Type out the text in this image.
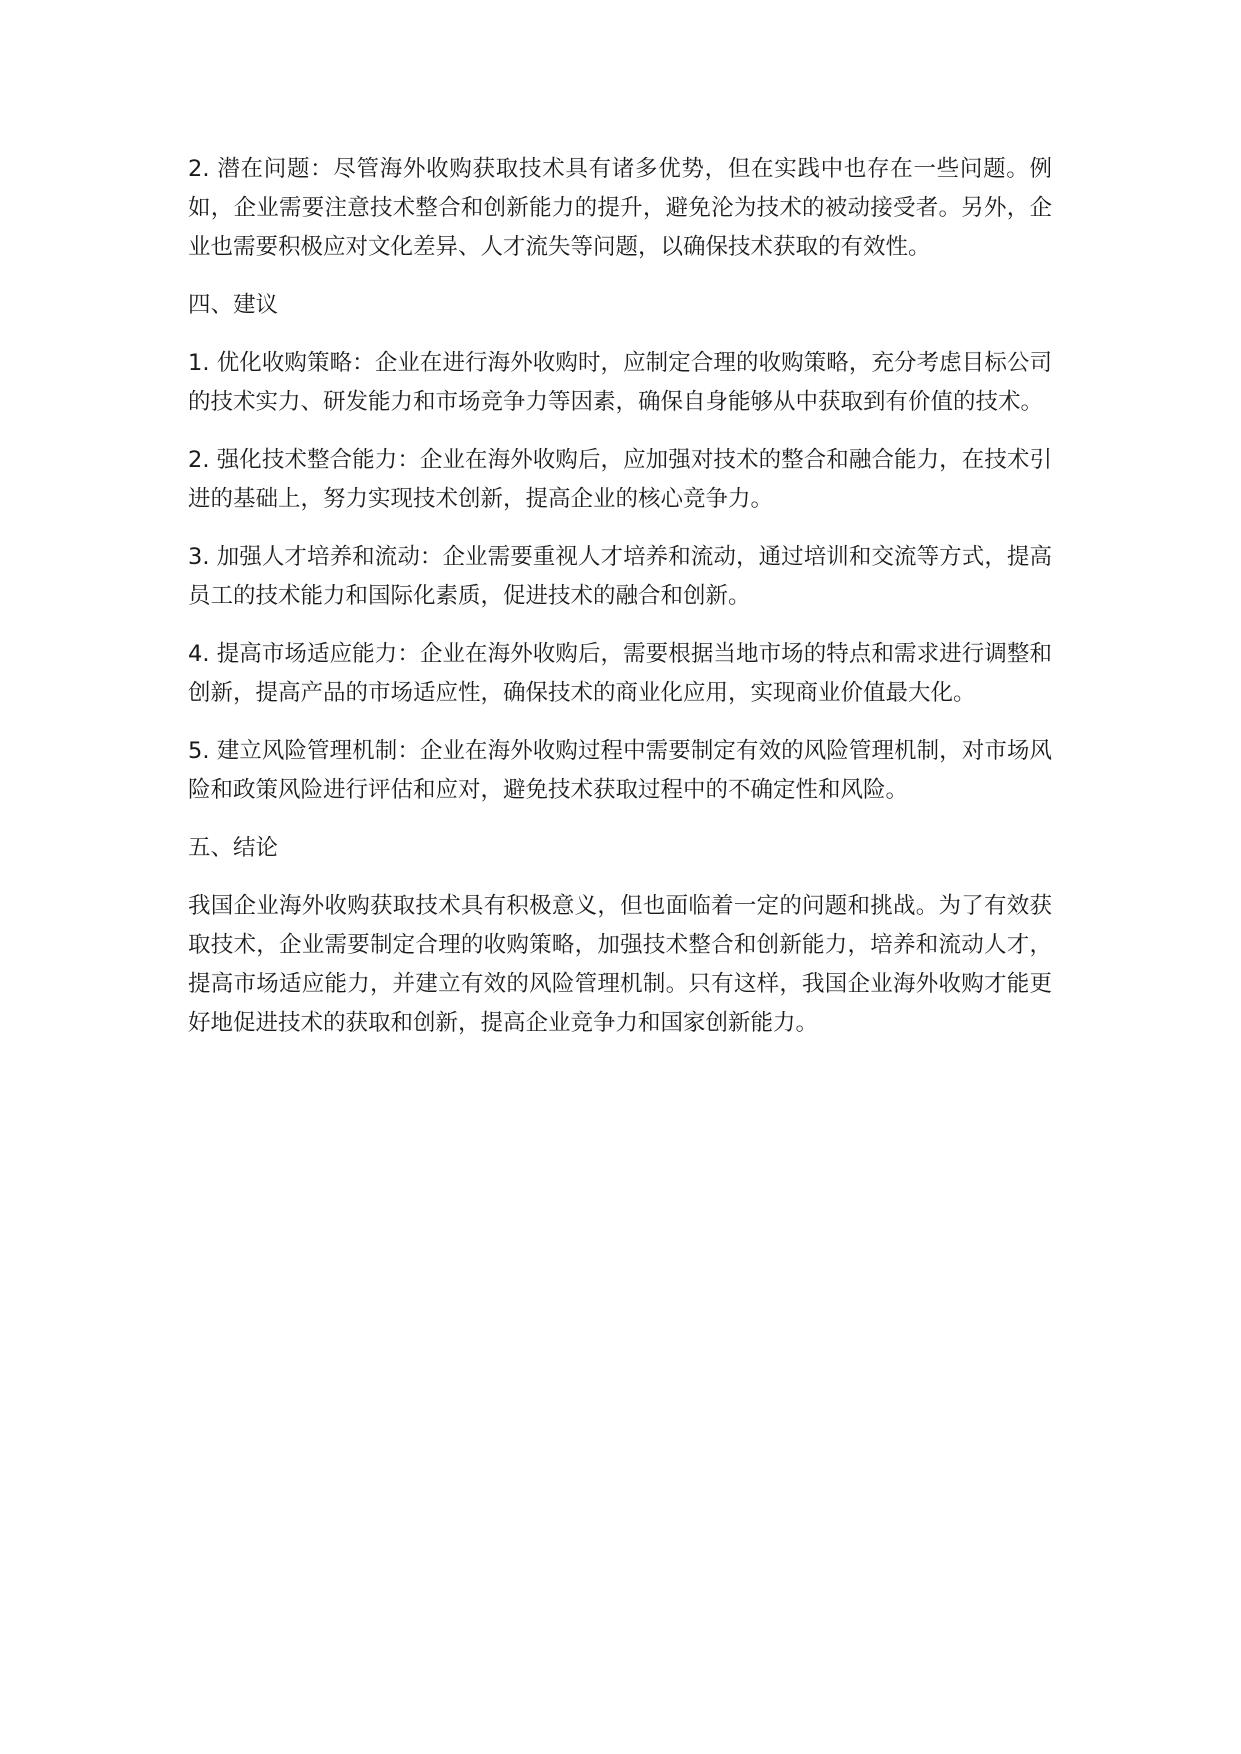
2. 潜在问题：尽管海外收购获取技术具有诸多优势，但在实践中也存在一些问题。例如，企业需要注意技术整合和创新能力的提升，避免沦为技术的被动接受者。另外，企业也需要积极应对文化差异、人才流失等问题，以确保技术获取的有效性。

四、建议

1. 优化收购策略：企业在进行海外收购时，应制定合理的收购策略，充分考虑目标公司的技术实力、研发能力和市场竞争力等因素，确保自身能够从中获取到有价值的技术。

2. 强化技术整合能力：企业在海外收购后，应加强对技术的整合和融合能力，在技术引进的基础上，努力实现技术创新，提高企业的核心竞争力。

3. 加强人才培养和流动：企业需要重视人才培养和流动，通过培训和交流等方式，提高员工的技术能力和国际化素质，促进技术的融合和创新。

4. 提高市场适应能力：企业在海外收购后，需要根据当地市场的特点和需求进行调整和创新，提高产品的市场适应性，确保技术的商业化应用，实现商业价值最大化。

5. 建立风险管理机制：企业在海外收购过程中需要制定有效的风险管理机制，对市场风险和政策风险进行评估和应对，避免技术获取过程中的不确定性和风险。

五、结论

我国企业海外收购获取技术具有积极意义，但也面临着一定的问题和挑战。为了有效获取技术，企业需要制定合理的收购策略，加强技术整合和创新能力，培养和流动人才，提高市场适应能力，并建立有效的风险管理机制。只有这样，我国企业海外收购才能更好地促进技术的获取和创新，提高企业竞争力和国家创新能力。
